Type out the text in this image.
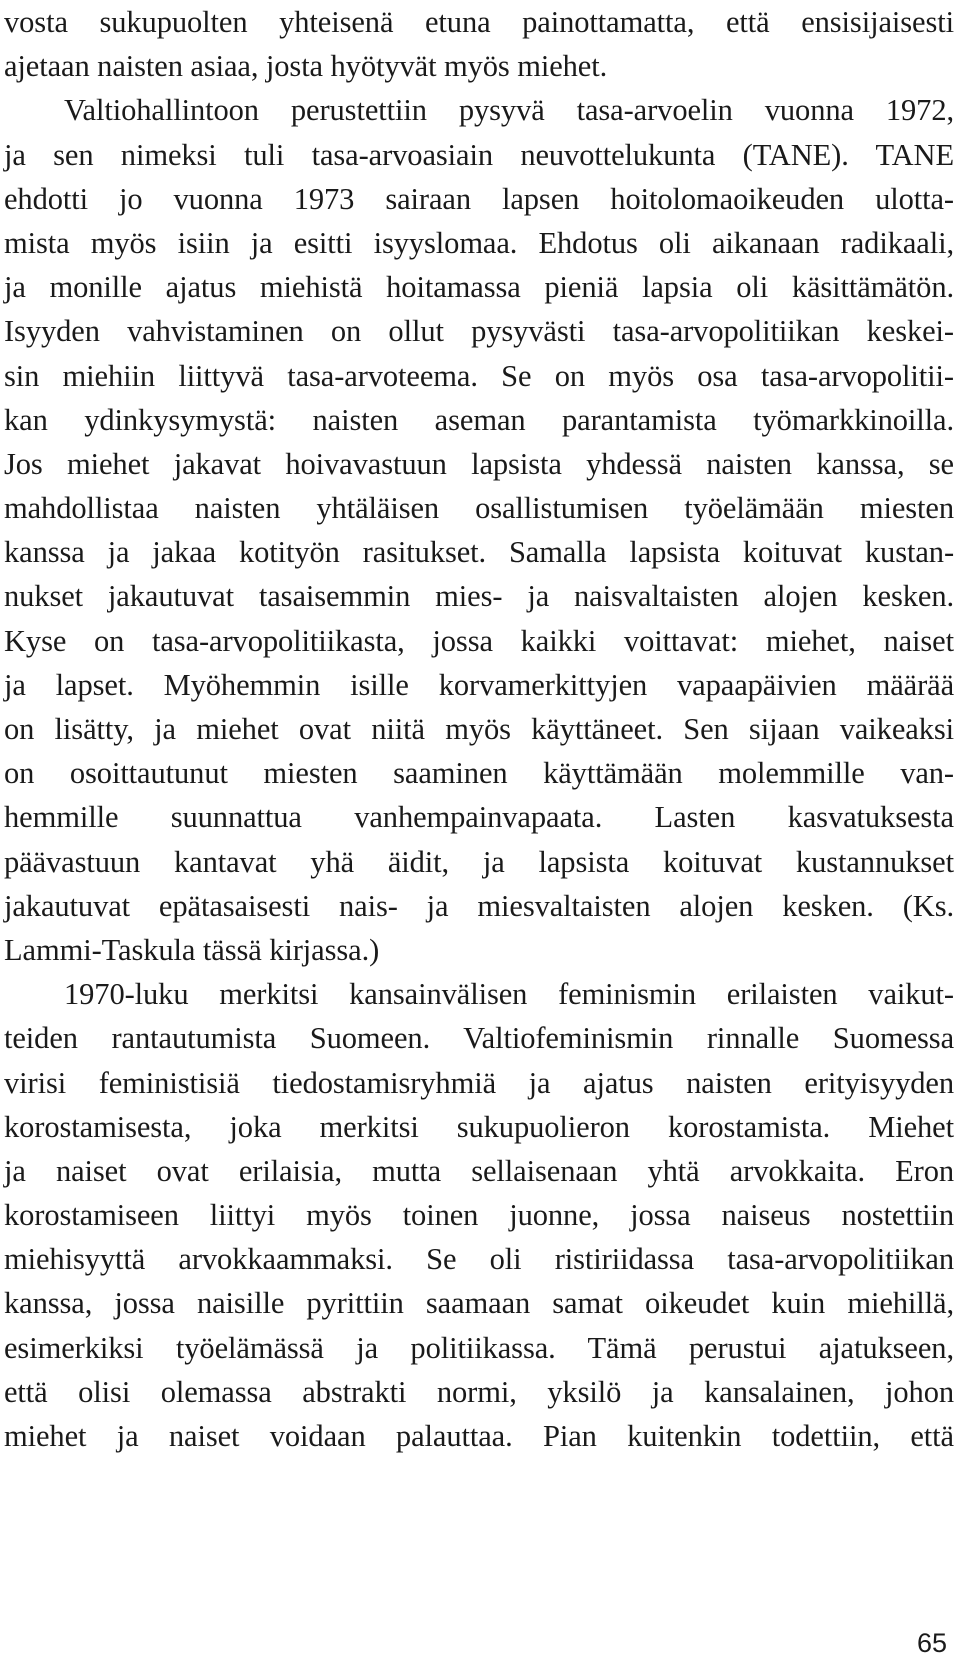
vosta sukupuolten yhteisenä etuna painottamatta, että ensisijaisesti
ajetaan naisten asiaa, josta hyötyvät myös miehet.
Valtiohallintoon perustettiin pysyvä tasa-arvoelin vuonna 1972,
ja sen nimeksi tuli tasa-arvoasiain neuvottelukunta (TANE). TANE
ehdotti jo vuonna 1973 sairaan lapsen hoitolomaoikeuden ulotta-
mista myös isiin ja esitti isyyslomaa. Ehdotus oli aikanaan radikaali,
ja monille ajatus miehistä hoitamassa pieniä lapsia oli käsittämätön.
Isyyden vahvistaminen on ollut pysyvästi tasa-arvopolitiikan keskei-
sin miehiin liittyvä tasa-arvoteema. Se on myös osa tasa-arvopolitii-
kan ydinkysymystä: naisten aseman parantamista työmarkkinoilla.
Jos miehet jakavat hoivavastuun lapsista yhdessä naisten kanssa, se
mahdollistaa naisten yhtäläisen osallistumisen työelämään miesten
kanssa ja jakaa kotityön rasitukset. Samalla lapsista koituvat kustan-
nukset jakautuvat tasaisemmin mies- ja naisvaltaisten alojen kesken.
Kyse on tasa-arvopolitiikasta, jossa kaikki voittavat: miehet, naiset
ja lapset. Myöhemmin isille korvamerkittyjen vapaapäivien määrää
on lisätty, ja miehet ovat niitä myös käyttäneet. Sen sijaan vaikeaksi
on osoittautunut miesten saaminen käyttämään molemmille van-
hemmille suunnattua vanhempainvapaata. Lasten kasvatuksesta
päävastuun kantavat yhä äidit, ja lapsista koituvat kustannukset
jakautuvat epätasaisesti nais- ja miesvaltaisten alojen kesken. (Ks.
Lammi-Taskula tässä kirjassa.)
1970-luku merkitsi kansainvälisen feminismin erilaisten vaikut-
teiden rantautumista Suomeen. Valtiofeminismin rinnalle Suomessa
virisi feministisiä tiedostamisryhmiä ja ajatus naisten erityisyyden
korostamisesta, joka merkitsi sukupuolieron korostamista. Miehet
ja naiset ovat erilaisia, mutta sellaisenaan yhtä arvokkaita. Eron
korostamiseen liittyi myös toinen juonne, jossa naiseus nostettiin
miehisyyttä arvokkaammaksi. Se oli ristiriidassa tasa-arvopolitiikan
kanssa, jossa naisille pyrittiin saamaan samat oikeudet kuin miehillä,
esimerkiksi työelämässä ja politiikassa. Tämä perustui ajatukseen,
että olisi olemassa abstrakti normi, yksilö ja kansalainen, johon
miehet ja naiset voidaan palauttaa. Pian kuitenkin todettiin, että
65
